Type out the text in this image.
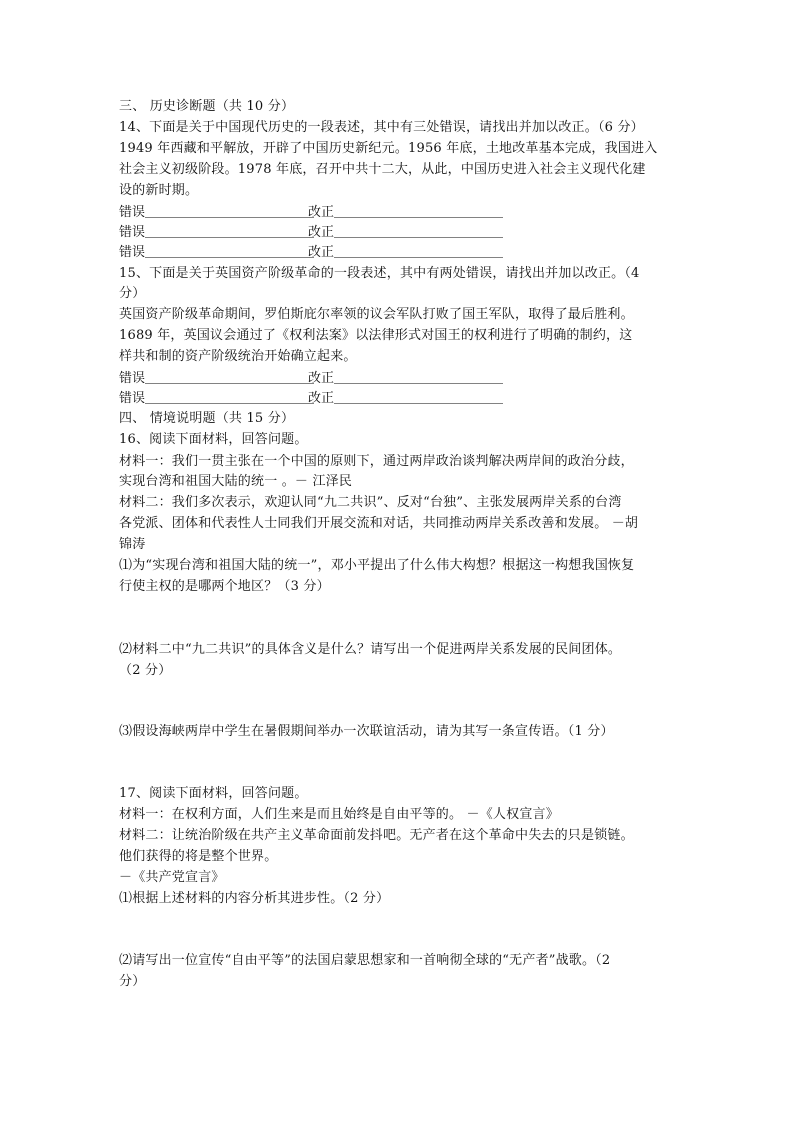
三、 历史诊断题（共 10 分）
14、下面是关于中国现代历史的一段表述，其中有三处错误，请找出并加以改正。（6 分）
1949 年西藏和平解放，开辟了中国历史新纪元。1956 年底，土地改革基本完成，我国进入
社会主义初级阶段。1978 年底，召开中共十二大，从此，中国历史进入社会主义现代化建
设的新时期。
错误＿＿＿＿＿＿＿＿＿＿＿＿＿改正＿＿＿＿＿＿＿＿＿＿＿＿＿
错误＿＿＿＿＿＿＿＿＿＿＿＿＿改正＿＿＿＿＿＿＿＿＿＿＿＿＿
错误＿＿＿＿＿＿＿＿＿＿＿＿＿改正＿＿＿＿＿＿＿＿＿＿＿＿＿
15、下面是关于英国资产阶级革命的一段表述，其中有两处错误，请找出并加以改正。（4
分）
英国资产阶级革命期间，罗伯斯庇尔率领的议会军队打败了国王军队，取得了最后胜利。
1689 年，英国议会通过了《权利法案》以法律形式对国王的权利进行了明确的制约，这
样共和制的资产阶级统治开始确立起来。
错误＿＿＿＿＿＿＿＿＿＿＿＿＿改正＿＿＿＿＿＿＿＿＿＿＿＿＿
错误＿＿＿＿＿＿＿＿＿＿＿＿＿改正＿＿＿＿＿＿＿＿＿＿＿＿＿
四、 情境说明题（共 15 分）
16、阅读下面材料，回答问题。
材料一：我们一贯主张在一个中国的原则下，通过两岸政治谈判解决两岸间的政治分歧，
实现台湾和祖国大陆的统一 。－ 江泽民
材料二：我们多次表示，欢迎认同“九二共识”、反对“台独”、主张发展两岸关系的台湾
各党派、团体和代表性人士同我们开展交流和对话，共同推动两岸关系改善和发展。 －胡
锦涛
⑴为“实现台湾和祖国大陆的统一”，邓小平提出了什么伟大构想？根据这一构想我国恢复
行使主权的是哪两个地区？（3 分）
⑵材料二中“九二共识”的具体含义是什么？请写出一个促进两岸关系发展的民间团体。
（2 分）
⑶假设海峡两岸中学生在暑假期间举办一次联谊活动，请为其写一条宣传语。（1 分）
17、阅读下面材料，回答问题。
材料一：在权利方面，人们生来是而且始终是自由平等的。 －《人权宣言》
材料二：让统治阶级在共产主义革命面前发抖吧。无产者在这个革命中失去的只是锁链。
他们获得的将是整个世界。
－《共产党宣言》
⑴根据上述材料的内容分析其进步性。（2 分）
⑵请写出一位宣传“自由平等”的法国启蒙思想家和一首响彻全球的“无产者”战歌。（2
分）
